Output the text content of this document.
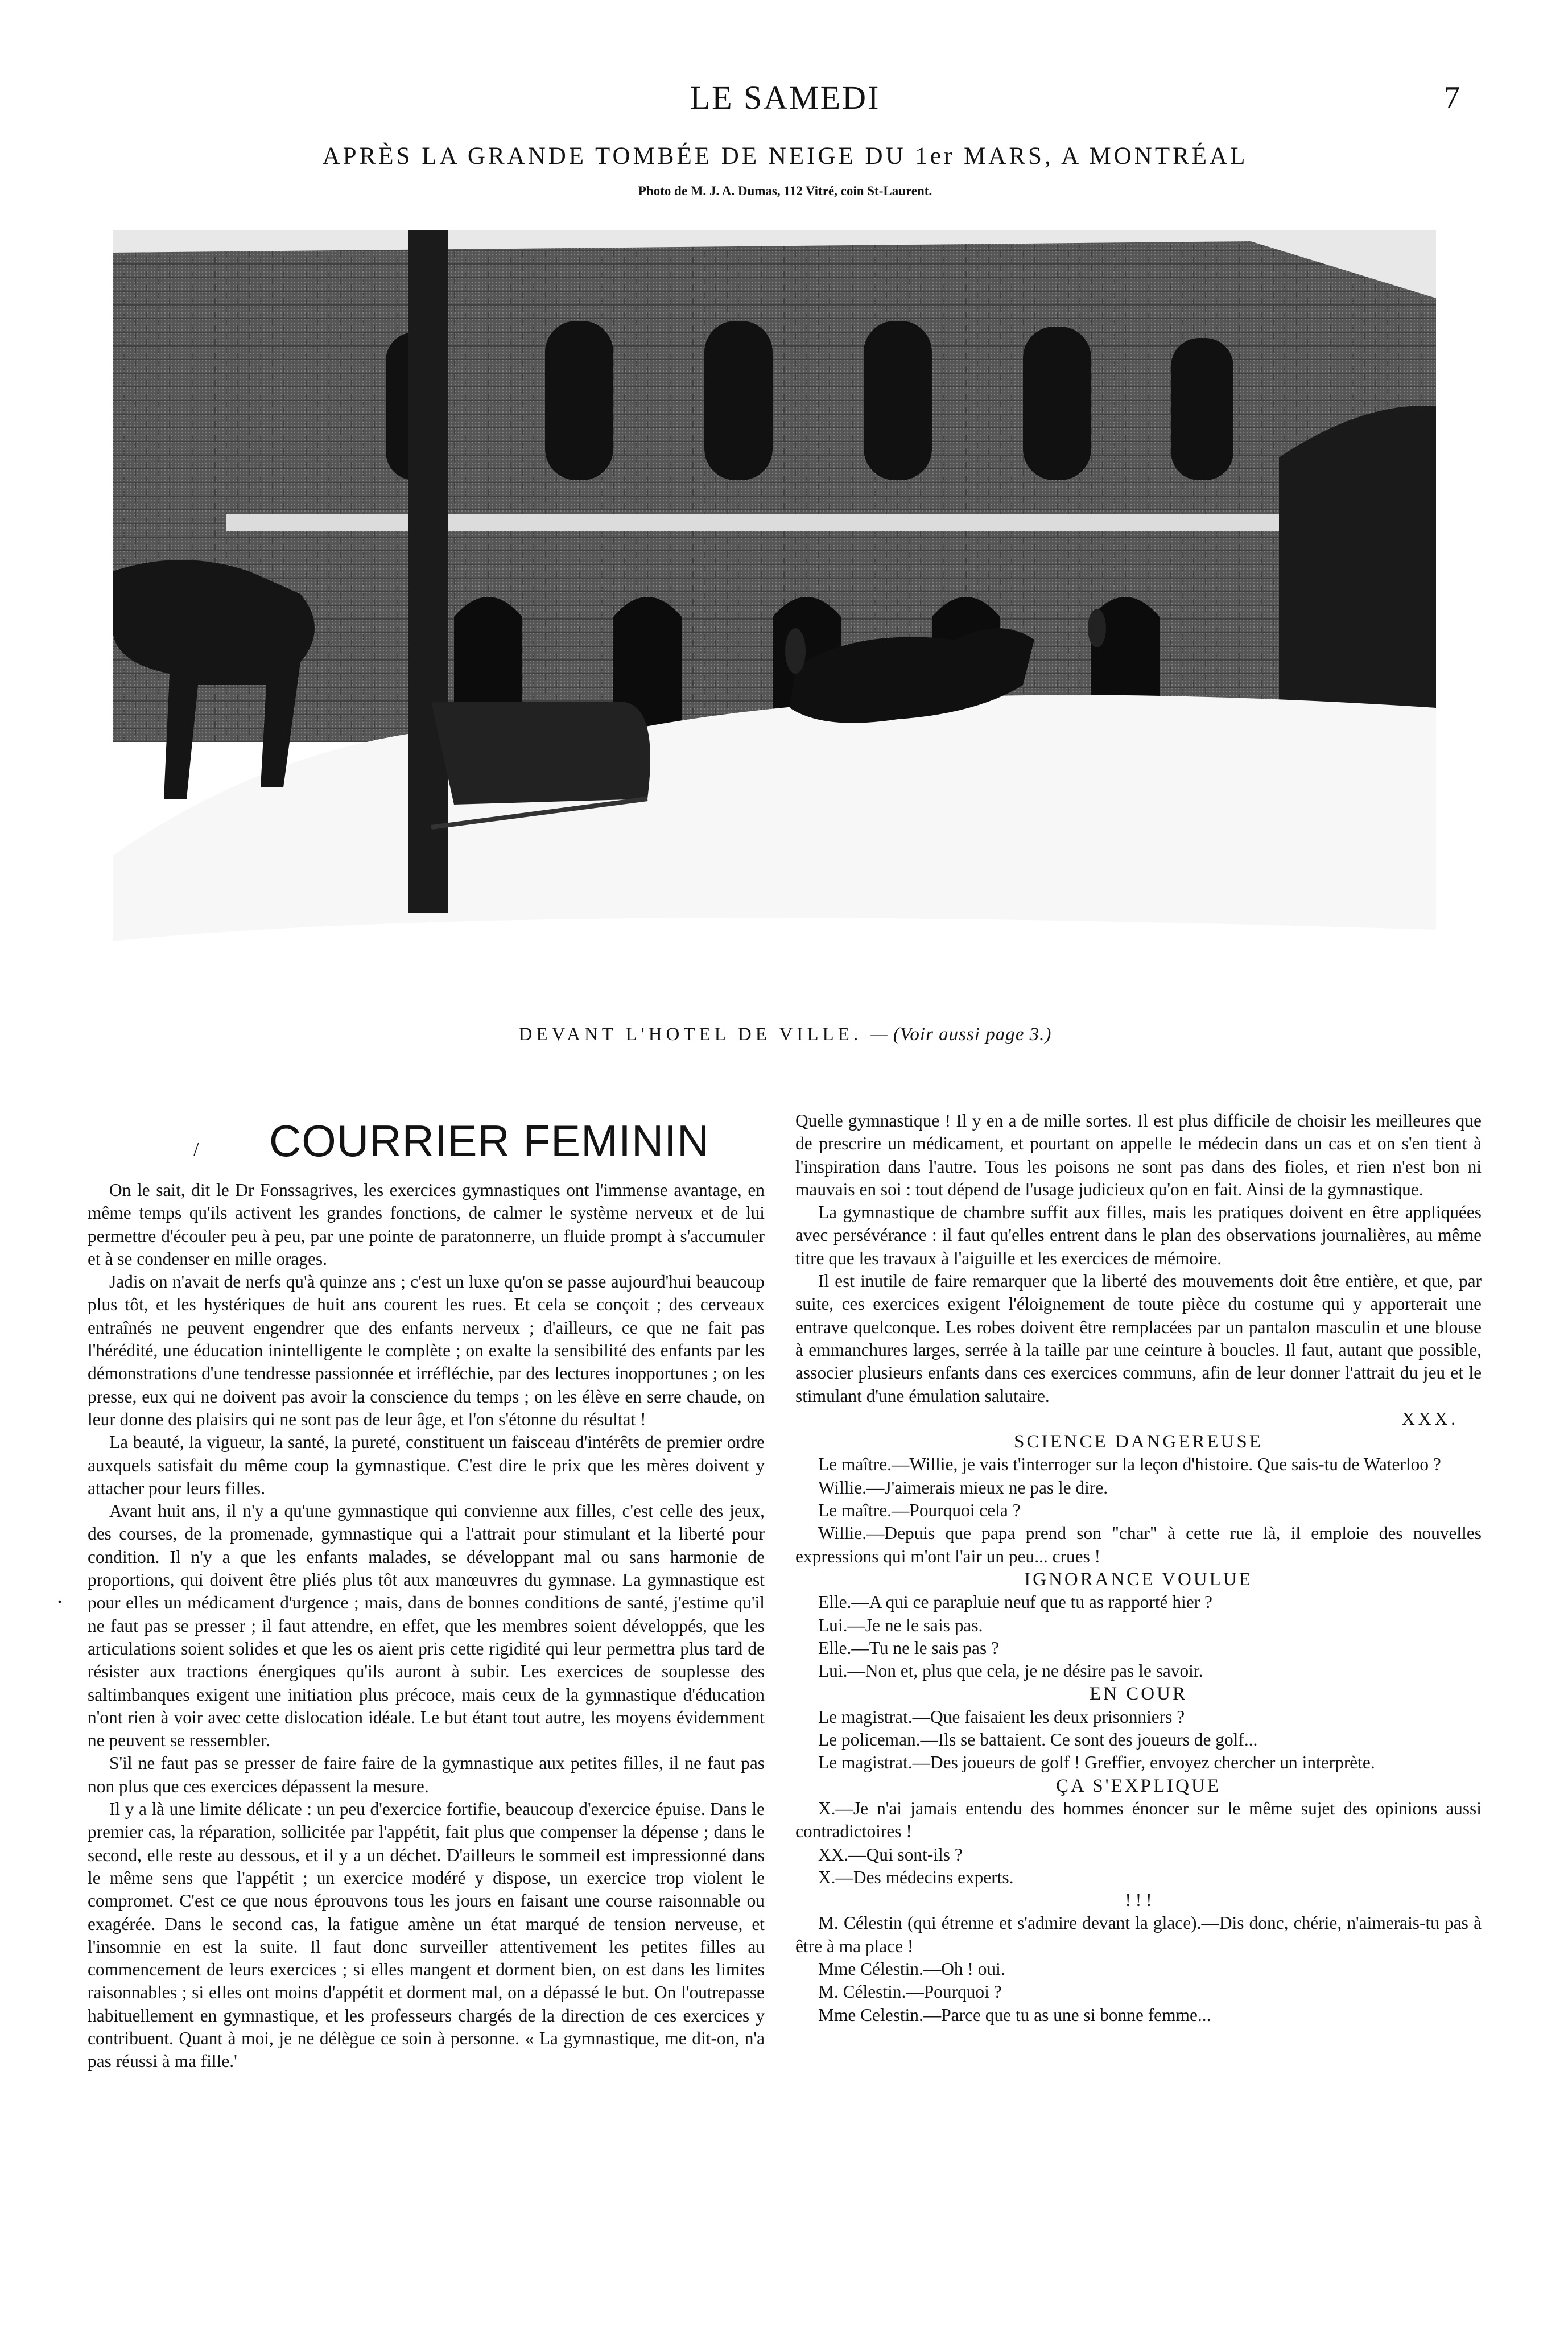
LE SAMEDI	7
APRÈS LA GRANDE TOMBÉE DE NEIGE DU 1er MARS, A MONTRÉAL
Photo de M. J. A. Dumas, 112 Vitré, coin St-Laurent.
DEVANT L'HOTEL DE VILLE. — (Voir aussi page 3.)
/	COURRIER FEMININ
.

On le sait, dit le Dr Fonssagrives, les exercices gymnastiques ont l'immense avantage, en même temps qu'ils activent les grandes fonctions, de calmer le système nerveux et de lui permettre d'écouler peu à peu, par une pointe de paratonnerre, un fluide prompt à s'accumuler et à se condenser en mille orages.

Jadis on n'avait de nerfs qu'à quinze ans ; c'est un luxe qu'on se passe aujourd'hui beaucoup plus tôt, et les hystériques de huit ans courent les rues. Et cela se conçoit ; des cerveaux entraînés ne peuvent engendrer que des enfants nerveux ; d'ailleurs, ce que ne fait pas l'hérédité, une éducation inintelligente le complète ; on exalte la sensibilité des enfants par les démonstrations d'une tendresse passionnée et irréfléchie, par des lectures inopportunes ; on les presse, eux qui ne doivent pas avoir la conscience du temps ; on les élève en serre chaude, on leur donne des plaisirs qui ne sont pas de leur âge, et l'on s'étonne du résultat !

La beauté, la vigueur, la santé, la pureté, constituent un faisceau d'intérêts de premier ordre auxquels satisfait du même coup la gymnastique. C'est dire le prix que les mères doivent y attacher pour leurs filles.

Avant huit ans, il n'y a qu'une gymnastique qui convienne aux filles, c'est celle des jeux, des courses, de la promenade, gymnastique qui a l'attrait pour stimulant et la liberté pour condition. Il n'y a que les enfants malades, se développant mal ou sans harmonie de proportions, qui doivent être pliés plus tôt aux manœuvres du gymnase. La gymnastique est pour elles un médicament d'urgence ; mais, dans de bonnes conditions de santé, j'estime qu'il ne faut pas se presser ; il faut attendre, en effet, que les membres soient développés, que les articulations soient solides et que les os aient pris cette rigidité qui leur permettra plus tard de résister aux tractions énergiques qu'ils auront à subir. Les exercices de souplesse des saltimbanques exigent une initiation plus précoce, mais ceux de la gymnastique d'éducation n'ont rien à voir avec cette dislocation idéale. Le but étant tout autre, les moyens évidemment ne peuvent se ressembler.

S'il ne faut pas se presser de faire faire de la gymnastique aux petites filles, il ne faut pas non plus que ces exercices dépassent la mesure.

Il y a là une limite délicate : un peu d'exercice fortifie, beaucoup d'exercice épuise. Dans le premier cas, la réparation, sollicitée par l'appétit, fait plus que compenser la dépense ; dans le second, elle reste au dessous, et il y a un déchet. D'ailleurs le sommeil est impressionné dans le même sens que l'appétit ; un exercice modéré y dispose, un exercice trop violent le compromet. C'est ce que nous éprouvons tous les jours en faisant une course raisonnable ou exagérée. Dans le second cas, la fatigue amène un état marqué de tension nerveuse, et l'insomnie en est la suite. Il faut donc surveiller attentivement les petites filles au commencement de leurs exercices ; si elles mangent et dorment bien, on est dans les limites raisonnables ; si elles ont moins d'appétit et dorment mal, on a dépassé le but. On l'outrepasse habituellement en gymnastique, et les professeurs chargés de la direction de ces exercices y contribuent. Quant à moi, je ne délègue ce soin à personne. « La gymnastique, me dit-on, n'a pas réussi à ma fille.'

Quelle gymnastique ! Il y en a de mille sortes. Il est plus difficile de choisir les meilleures que de prescrire un médicament, et pourtant on appelle le médecin dans un cas et on s'en tient à l'inspiration dans l'autre. Tous les poisons ne sont pas dans des fioles, et rien n'est bon ni mauvais en soi : tout dépend de l'usage judicieux qu'on en fait. Ainsi de la gymnastique.

La gymnastique de chambre suffit aux filles, mais les pratiques doivent en être appliquées avec persévérance : il faut qu'elles entrent dans le plan des observations journalières, au même titre que les travaux à l'aiguille et les exercices de mémoire.

Il est inutile de faire remarquer que la liberté des mouvements doit être entière, et que, par suite, ces exercices exigent l'éloignement de toute pièce du costume qui y apporterait une entrave quelconque. Les robes doivent être remplacées par un pantalon masculin et une blouse à emmanchures larges, serrée à la taille par une ceinture à boucles. Il faut, autant que possible, associer plusieurs enfants dans ces exercices communs, afin de leur donner l'attrait du jeu et le stimulant d'une émulation salutaire.

XXX.

SCIENCE DANGEREUSE

Le maître.—Willie, je vais t'interroger sur la leçon d'histoire. Que sais-tu de Waterloo ?

Willie.—J'aimerais mieux ne pas le dire.

Le maître.—Pourquoi cela ?

Willie.—Depuis que papa prend son "char" à cette rue là, il emploie des nouvelles expressions qui m'ont l'air un peu... crues !

IGNORANCE VOULUE

Elle.—A qui ce parapluie neuf que tu as rapporté hier ?

Lui.—Je ne le sais pas.

Elle.—Tu ne le sais pas ?

Lui.—Non et, plus que cela, je ne désire pas le savoir.

EN COUR

Le magistrat.—Que faisaient les deux prisonniers ?

Le policeman.—Ils se battaient. Ce sont des joueurs de golf...

Le magistrat.—Des joueurs de golf ! Greffier, envoyez chercher un interprète.

ÇA S'EXPLIQUE

X.—Je n'ai jamais entendu des hommes énoncer sur le même sujet des opinions aussi contradictoires !

XX.—Qui sont-ils ?

X.—Des médecins experts.

! ! !

M. Célestin (qui étrenne et s'admire devant la glace).—Dis donc, chérie, n'aimerais-tu pas à être à ma place !

Mme Célestin.—Oh ! oui.

M. Célestin.—Pourquoi ?

Mme Celestin.—Parce que tu as une si bonne femme...
